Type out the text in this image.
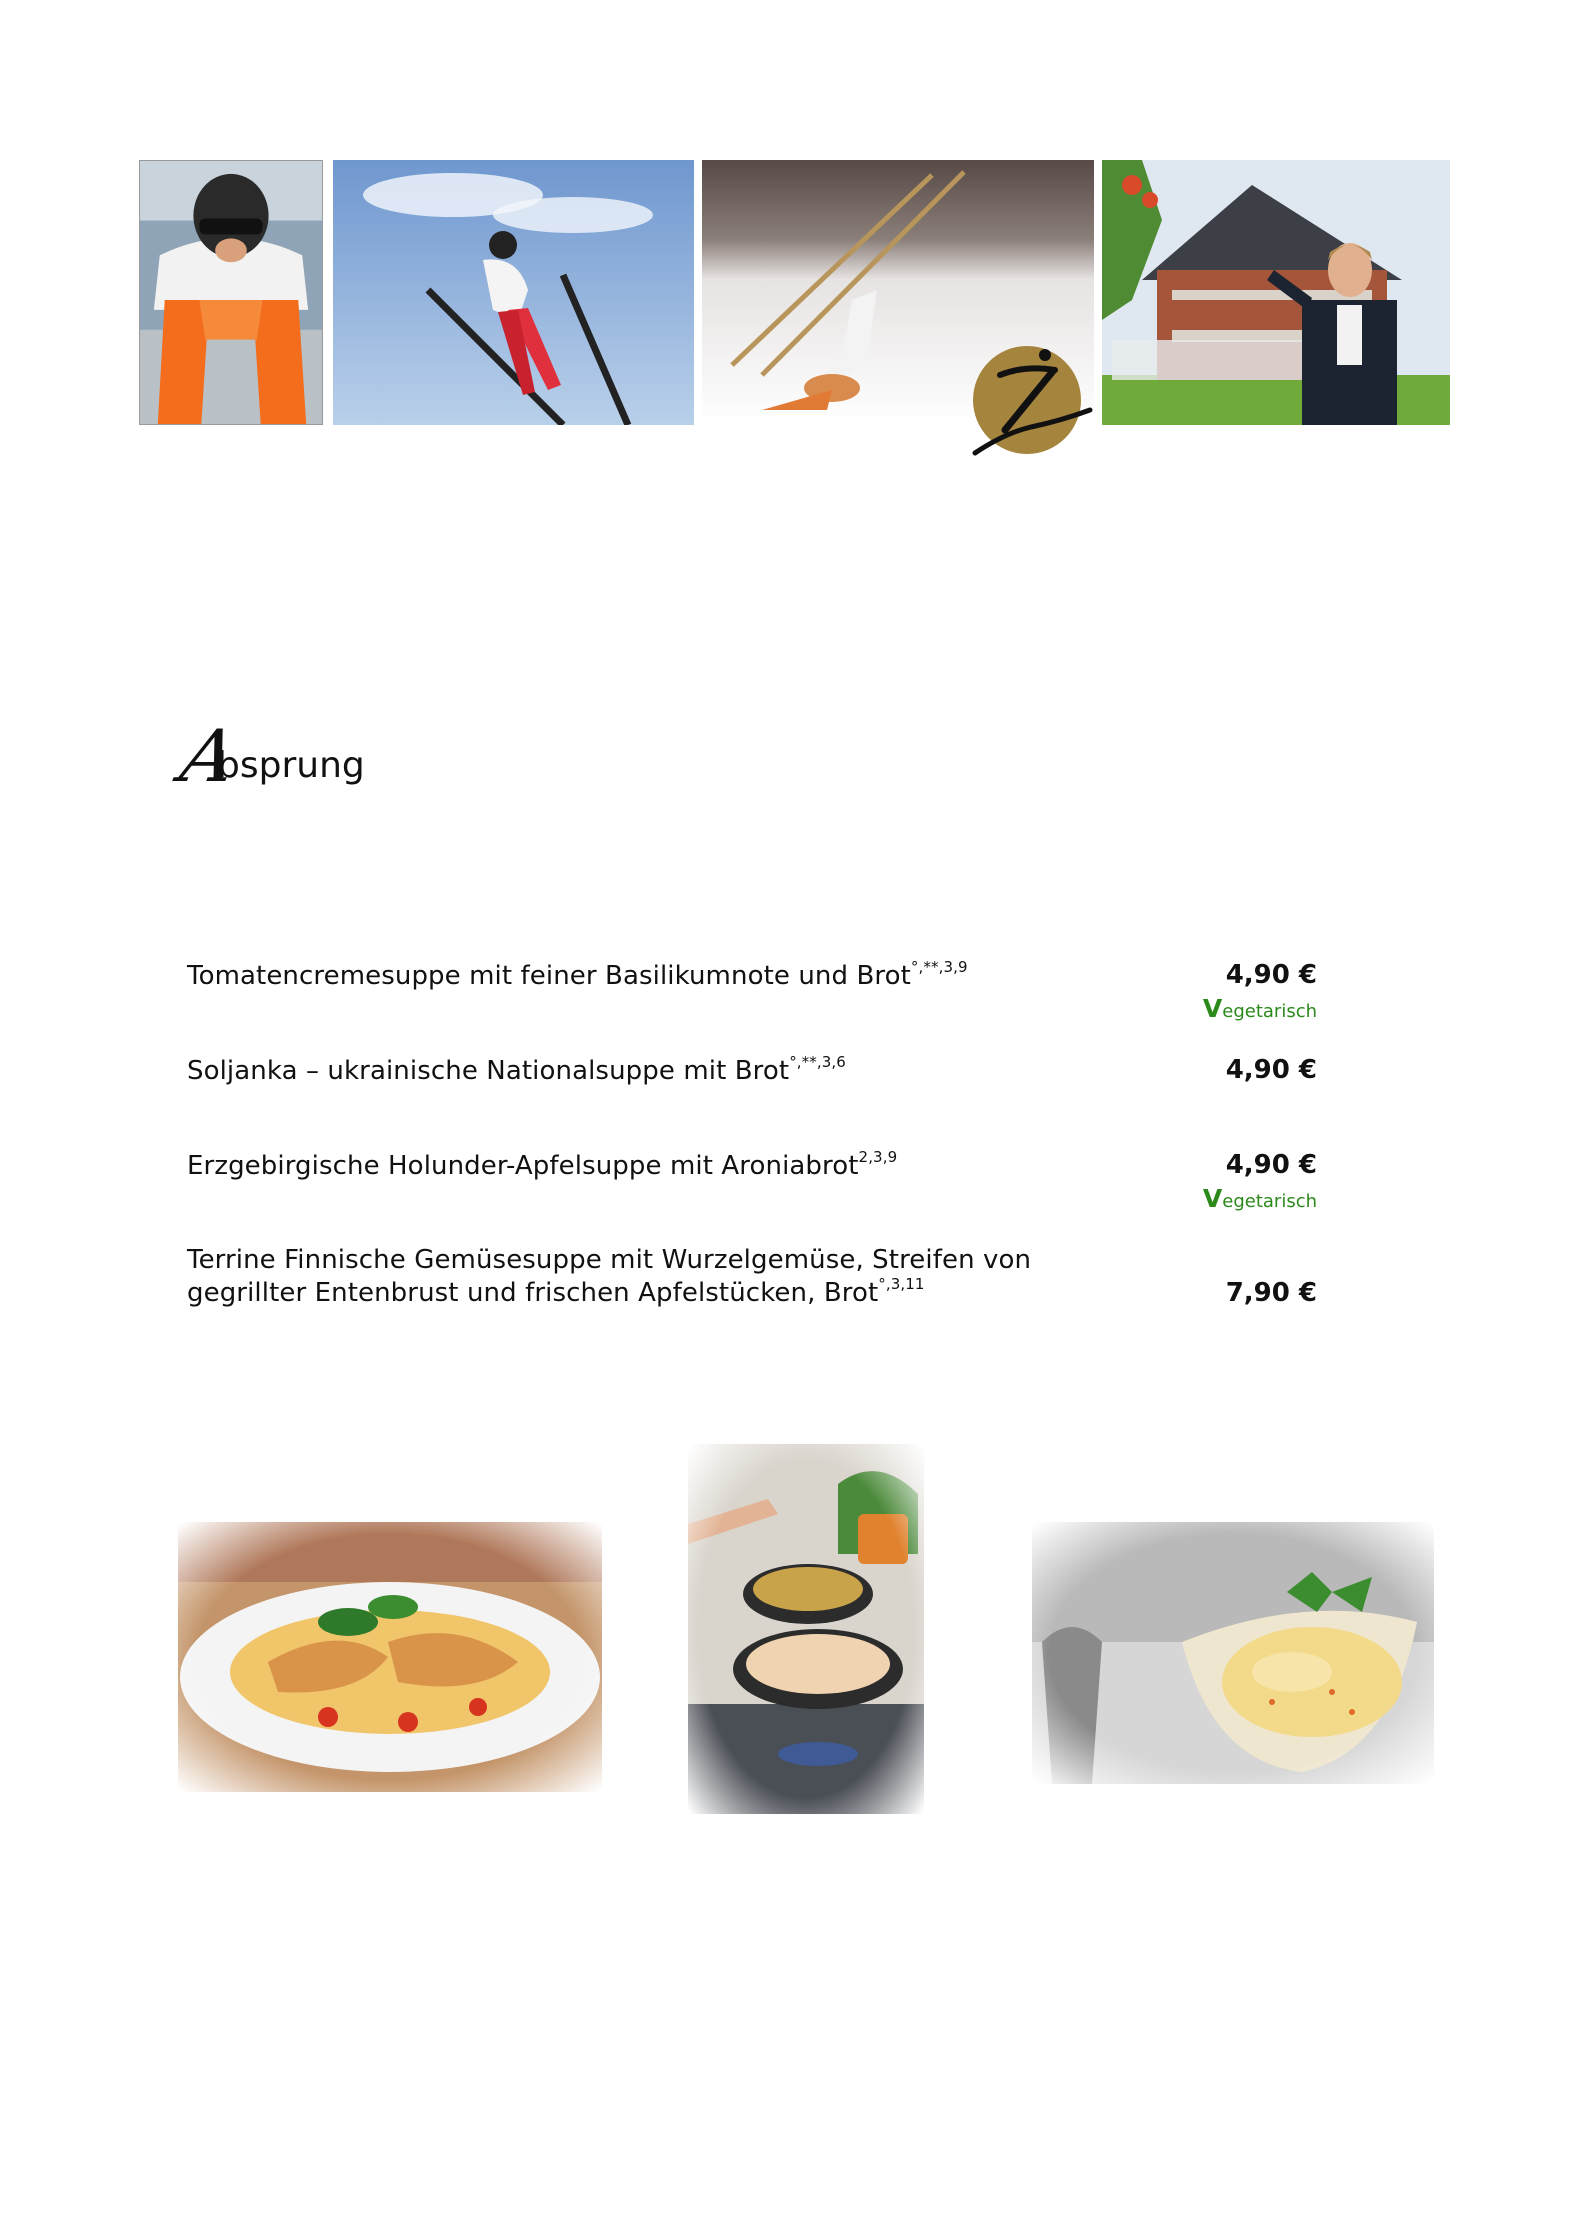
A
bsprung
Tomatencremesuppe mit feiner Basilikumnote und Brot$^{^\circ,**,3,9}$	4,90 €
Vegetarisch
Soljanka – ukrainische Nationalsuppe mit Brot$^{^\circ,**,3,6}$	4,90 €
Erzgebirgische Holunder-Apfelsuppe mit Aroniabrot$^{2,3,9}$	4,90 €
Vegetarisch
Terrine Finnische Gemüsesuppe mit Wurzelgemüse, Streifen von
gegrillter Entenbrust und frischen Apfelstücken, Brot$^{^\circ,3,11}$	7,90 €
